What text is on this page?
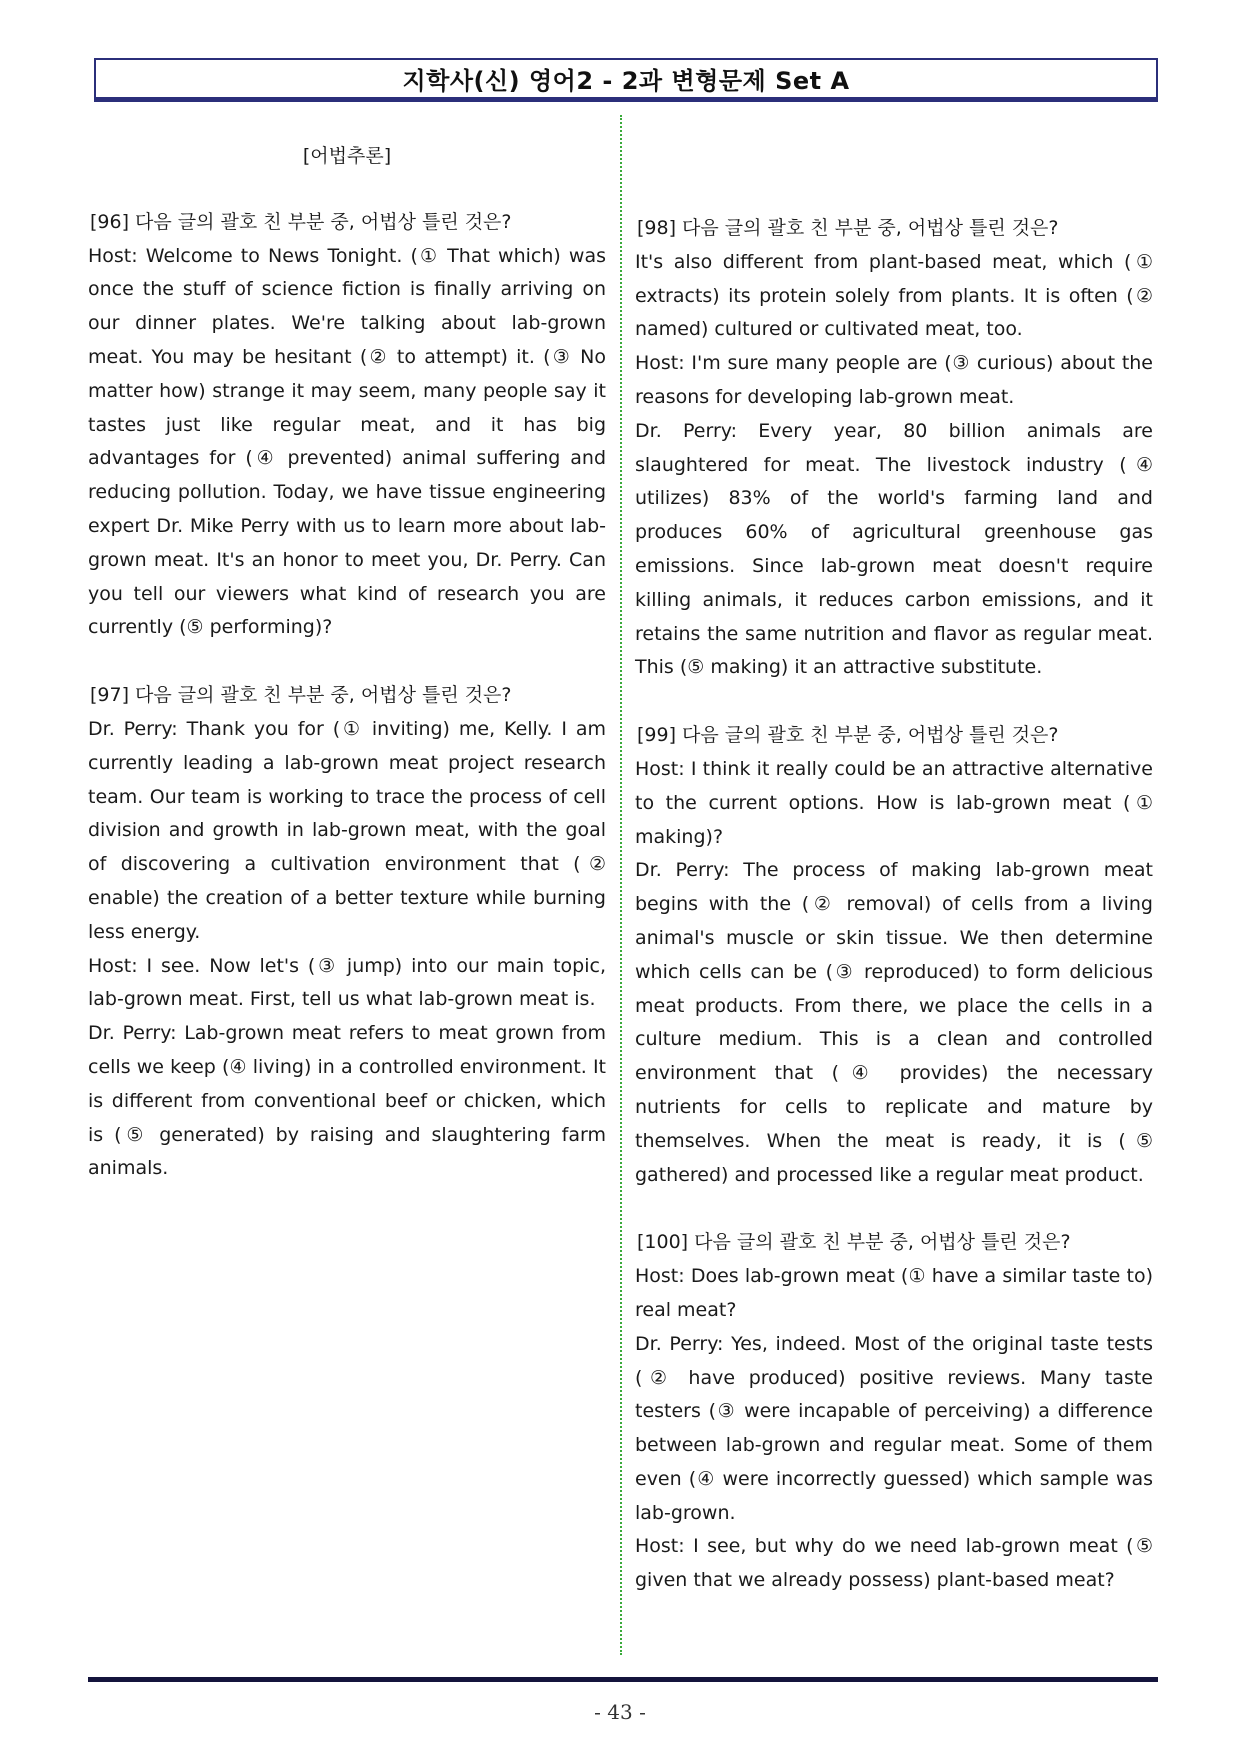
지학사(신) 영어2 - 2과 변형문제 Set A

[어법추론]

[96] 다음 글의 괄호 친 부분 중, 어법상 틀린 것은?

Host: Welcome to News Tonight. (① That which) was once the stuff of science fiction is finally arriving on our dinner plates. We're talking about lab-grown meat. You may be hesitant (② to attempt) it. (③ No matter how) strange it may seem, many people say it tastes just like regular meat, and it has big advantages for (④ prevented) animal suffering and reducing pollution. Today, we have tissue engineering expert Dr. Mike Perry with us to learn more about lab-grown meat. It's an honor to meet you, Dr. Perry. Can you tell our viewers what kind of research you are currently (⑤ performing)?

[97] 다음 글의 괄호 친 부분 중, 어법상 틀린 것은?

Dr. Perry: Thank you for (① inviting) me, Kelly. I am currently leading a lab-grown meat project research team. Our team is working to trace the process of cell division and growth in lab-grown meat, with the goal of discovering a cultivation environment that (② enable) the creation of a better texture while burning less energy.

Host: I see. Now let's (③ jump) into our main topic, lab-grown meat. First, tell us what lab-grown meat is.

Dr. Perry: Lab-grown meat refers to meat grown from cells we keep (④ living) in a controlled environment. It is different from conventional beef or chicken, which is (⑤ generated) by raising and slaughtering farm animals.

[98] 다음 글의 괄호 친 부분 중, 어법상 틀린 것은?

It's also different from plant-based meat, which (① extracts) its protein solely from plants. It is often (② named) cultured or cultivated meat, too.

Host: I'm sure many people are (③ curious) about the reasons for developing lab-grown meat.

Dr. Perry: Every year, 80 billion animals are slaughtered for meat. The livestock industry (④ utilizes) 83% of the world's farming land and produces 60% of agricultural greenhouse gas emissions. Since lab-grown meat doesn't require killing animals, it reduces carbon emissions, and it retains the same nutrition and flavor as regular meat. This (⑤ making) it an attractive substitute.

[99] 다음 글의 괄호 친 부분 중, 어법상 틀린 것은?

Host: I think it really could be an attractive alternative to the current options. How is lab-grown meat (① making)?

Dr. Perry: The process of making lab-grown meat begins with the (② removal) of cells from a living animal's muscle or skin tissue. We then determine which cells can be (③ reproduced) to form delicious meat products. From there, we place the cells in a culture medium. This is a clean and controlled environment that (④ provides) the necessary nutrients for cells to replicate and mature by themselves. When the meat is ready, it is (⑤ gathered) and processed like a regular meat product.

[100] 다음 글의 괄호 친 부분 중, 어법상 틀린 것은?

Host: Does lab-grown meat (① have a similar taste to) real meat?

Dr. Perry: Yes, indeed. Most of the original taste tests (② have produced) positive reviews. Many taste testers (③ were incapable of perceiving) a difference between lab-grown and regular meat. Some of them even (④ were incorrectly guessed) which sample was lab-grown.

Host: I see, but why do we need lab-grown meat (⑤ given that we already possess) plant-based meat?

- 43 -
